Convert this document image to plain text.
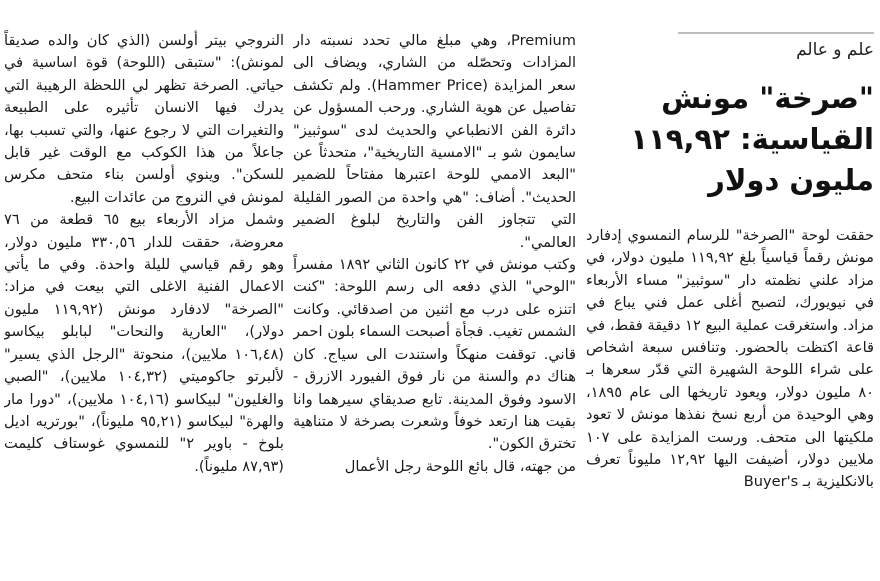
علم و عالم
"صرخة" مونش القياسية: ١١٩,٩٢ مليون دولار

حققت لوحة "الصرخة" للرسام النمسوي إدفارد مونش رقماً قياسياً بلغ ١١٩,٩٢ مليون دولار، في مزاد علني نظمته دار "سوثبيز" مساء الأربعاء في نيويورك، لتصبح أغلى عمل فني يباع في مزاد. واستغرقت عملية البيع ١٢ دقيقة فقط، في قاعة اكتظت بالحضور. وتنافس سبعة اشخاص على شراء اللوحة الشهيرة التي قدّر سعرها بـ ٨٠ مليون دولار، ويعود تاريخها الى عام ١٨٩٥، وهي الوحيدة من أربع نسخ نفذها مونش لا تعود ملكيتها الى متحف. ورست المزايدة على ١٠٧ ملايين دولار، أضيفت اليها ١٢,٩٢ مليوناً تعرف بالانكليزية بـ Buyer's

Premium، وهي مبلغ مالي تحدد نسبته دار المزادات وتحصّله من الشاري، ويضاف الى سعر المزايدة (Hammer Price). ولم تكشف تفاصيل عن هوية الشاري. ورحب المسؤول عن دائرة الفن الانطباعي والحديث لدى "سوثبيز" سايمون شو بـ "الامسية التاريخية"، متحدثاً عن "البعد الاممي للوحة اعتبرها مفتاحاً للضمير الحديث". أضاف: "هي واحدة من الصور القليلة التي تتجاوز الفن والتاريخ لبلوغ الضمير العالمي".

وكتب مونش في ٢٢ كانون الثاني ١٨٩٢ مفسراً "الوحي" الذي دفعه الى رسم اللوحة: "كنت اتنزه على درب مع اثنين من اصدقائي. وكانت الشمس تغيب. فجأة أصبحت السماء بلون احمر قاني. توقفت منهكاً واستندت الى سياج. كان هناك دم والسنة من نار فوق الفيورد الازرق - الاسود وفوق المدينة. تابع صديقاي سيرهما وانا بقيت هنا ارتعد خوفاً وشعرت بصرخة لا متناهية تخترق الكون".

من جهته، قال بائع اللوحة رجل الأعمال

النروجي بيتر أولسن (الذي كان والده صديقاً لمونش): "ستبقى (اللوحة) قوة اساسية في حياتي. الصرخة تظهر لي اللحظة الرهيبة التي يدرك فيها الانسان تأثيره على الطبيعة والتغيرات التي لا رجوع عنها، والتي تسبب بها، جاعلاً من هذا الكوكب مع الوقت غير قابل للسكن". وينوي أولسن بناء متحف مكرس لمونش في النروج من عائدات البيع.

وشمل مزاد الأربعاء بيع ٦٥ قطعة من ٧٦ معروضة، حققت للدار ٣٣٠,٥٦ مليون دولار، وهو رقم قياسي لليلة واحدة. وفي ما يأتي الاعمال الفنية الاغلى التي بيعت في مزاد: "الصرخة" لادفارد مونش (١١٩,٩٢ مليون دولار)، "العارية والنحات" لبابلو بيكاسو (١٠٦,٤٨ ملايين)، منحوتة "الرجل الذي يسير" لألبرتو جاكوميتي (١٠٤,٣٢ ملايين)، "الصبي والغليون" لبيكاسو (١٠٤,١٦ ملايين)، "دورا مار والهرة" لبيكاسو (٩٥,٢١ مليوناً)، "بورتريه اديل بلوخ - باوير ٢" للنمسوي غوستاف كليمت (٨٧,٩٣ مليوناً).
